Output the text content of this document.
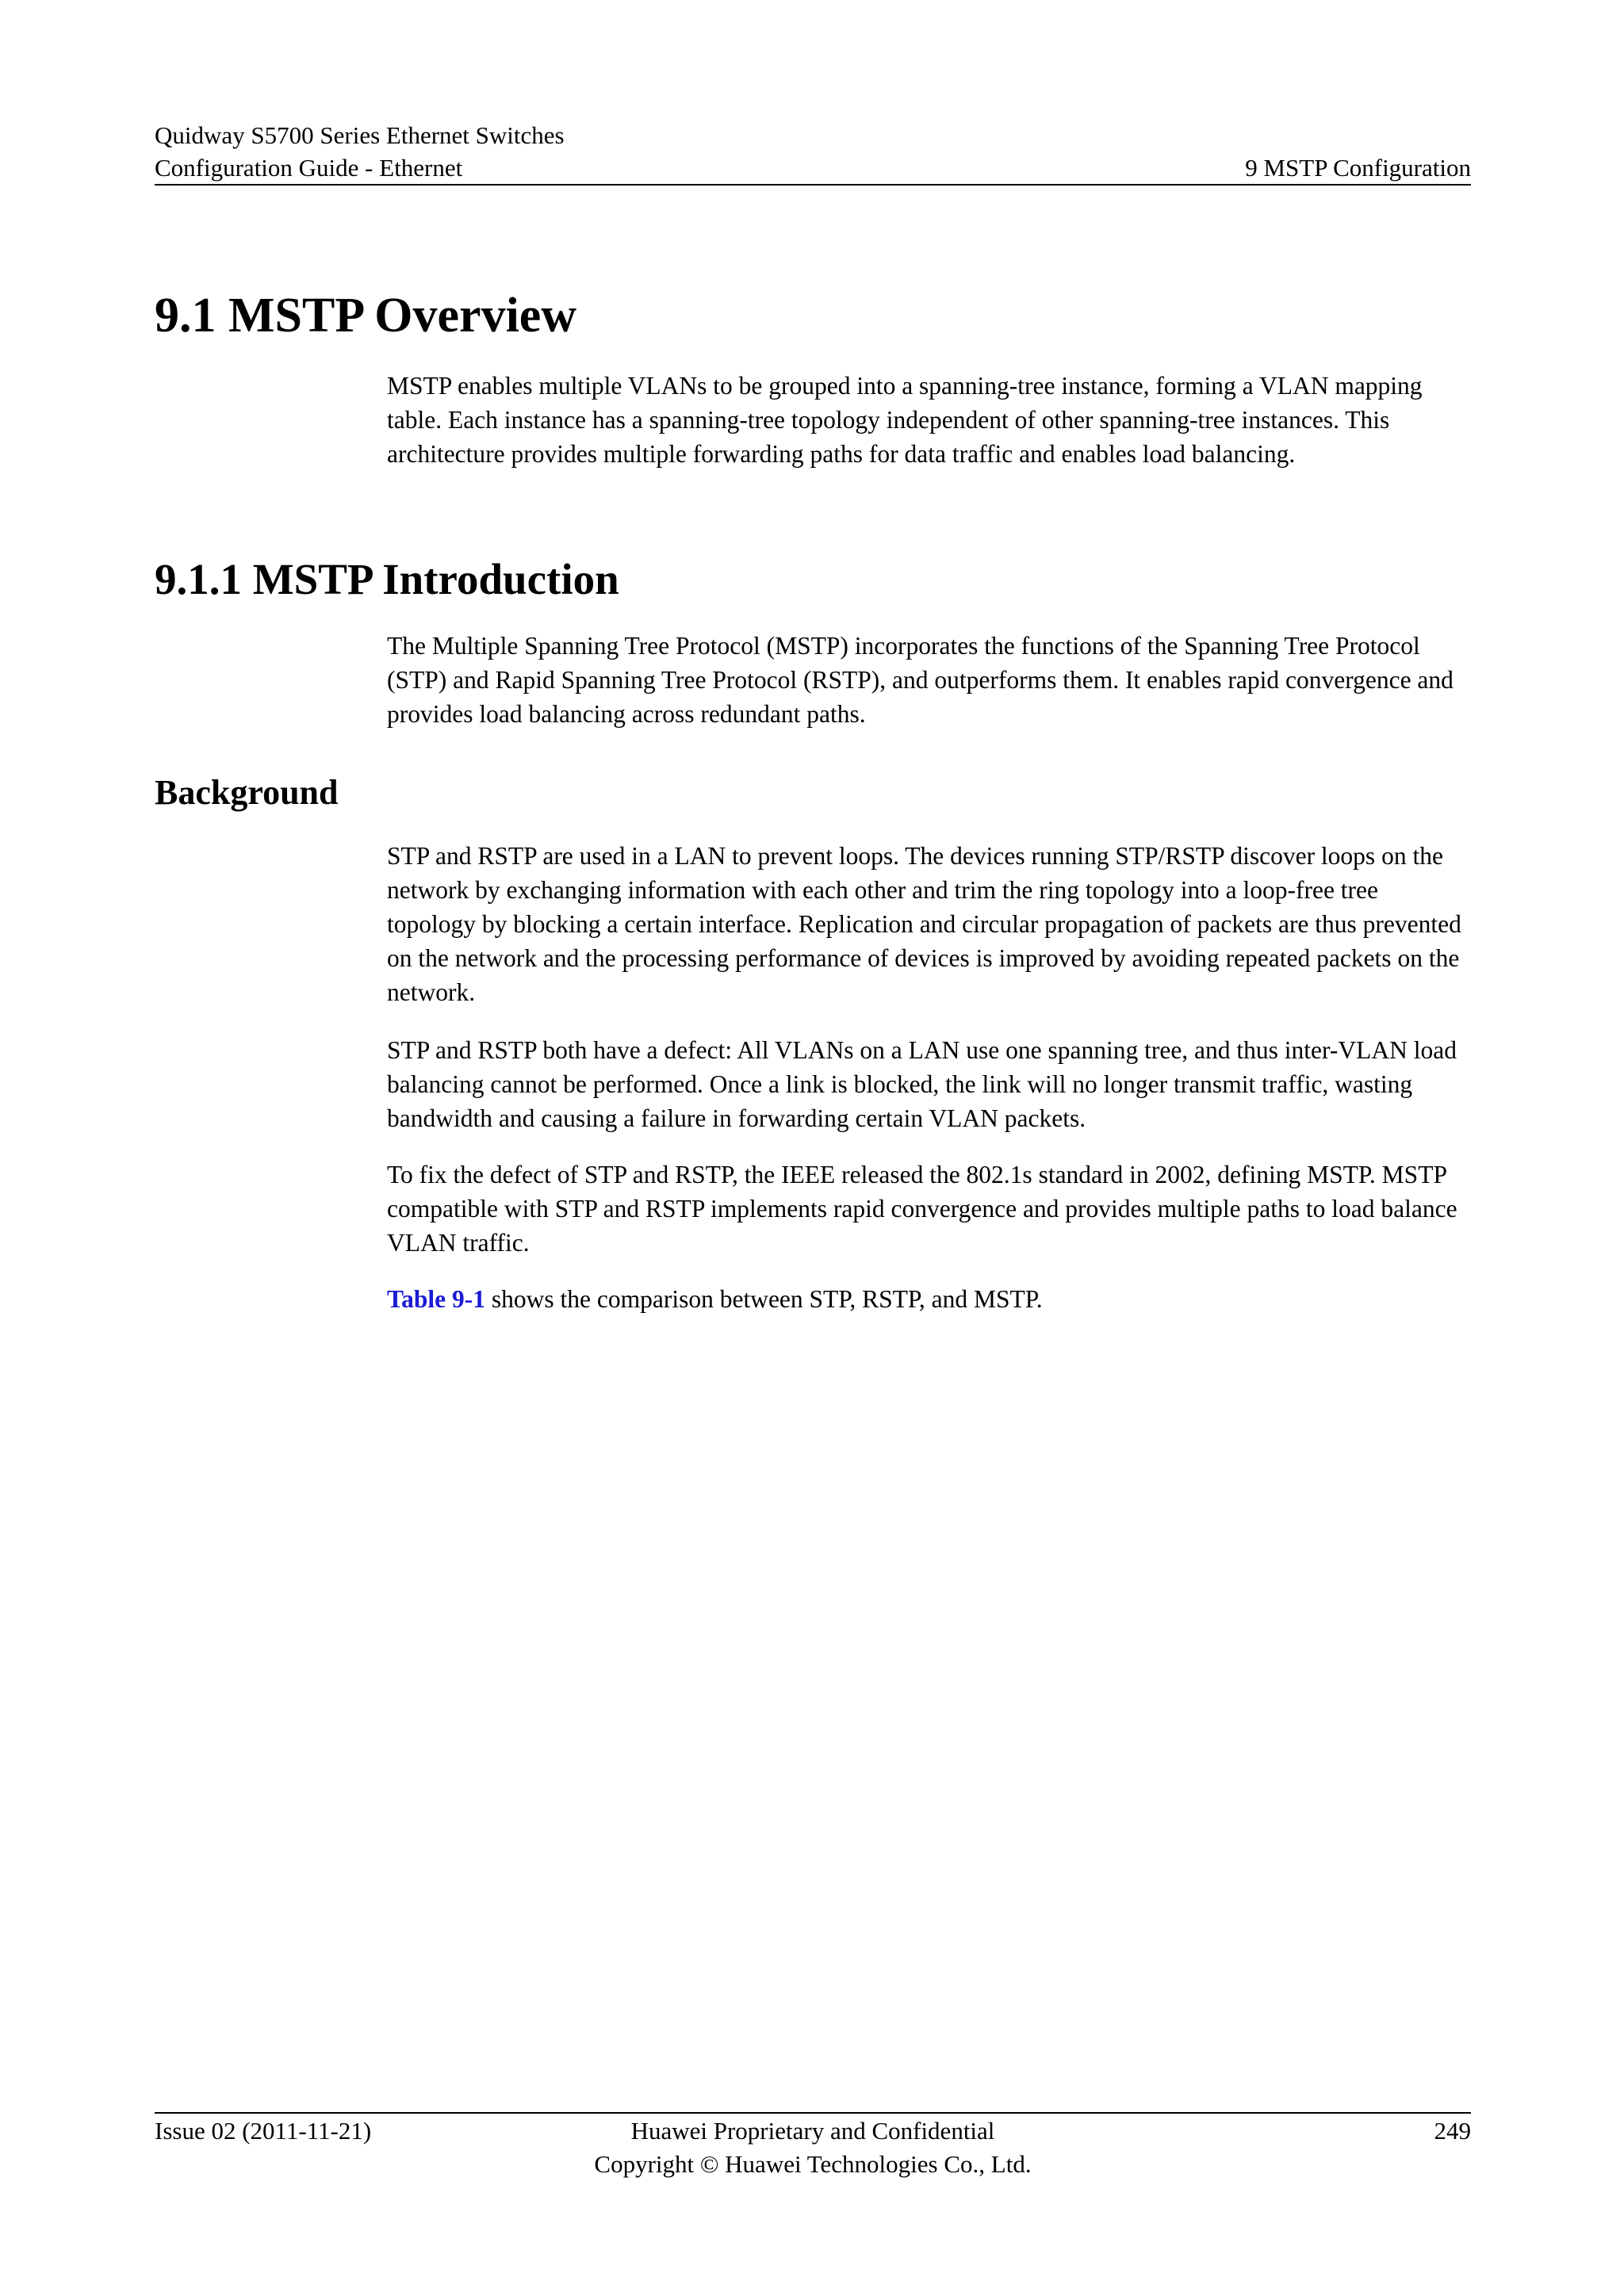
Quidway S5700 Series Ethernet Switches
Configuration Guide - Ethernet	9 MSTP Configuration
9.1 MSTP Overview

MSTP enables multiple VLANs to be grouped into a spanning-tree instance, forming a VLAN mapping table. Each instance has a spanning-tree topology independent of other spanning-tree instances. This architecture provides multiple forwarding paths for data traffic and enables load balancing.

9.1.1 MSTP Introduction

The Multiple Spanning Tree Protocol (MSTP) incorporates the functions of the Spanning Tree Protocol (STP) and Rapid Spanning Tree Protocol (RSTP), and outperforms them. It enables rapid convergence and provides load balancing across redundant paths.

Background

STP and RSTP are used in a LAN to prevent loops. The devices running STP/RSTP discover loops on the network by exchanging information with each other and trim the ring topology into a loop-free tree topology by blocking a certain interface. Replication and circular propagation of packets are thus prevented on the network and the processing performance of devices is improved by avoiding repeated packets on the network.

STP and RSTP both have a defect: All VLANs on a LAN use one spanning tree, and thus inter-VLAN load balancing cannot be performed. Once a link is blocked, the link will no longer transmit traffic, wasting bandwidth and causing a failure in forwarding certain VLAN packets.

To fix the defect of STP and RSTP, the IEEE released the 802.1s standard in 2002, defining MSTP. MSTP compatible with STP and RSTP implements rapid convergence and provides multiple paths to load balance VLAN traffic.

Table 9-1 shows the comparison between STP, RSTP, and MSTP.

Issue 02 (2011-11-21)	Huawei Proprietary and Confidential
Copyright © Huawei Technologies Co., Ltd.
249
